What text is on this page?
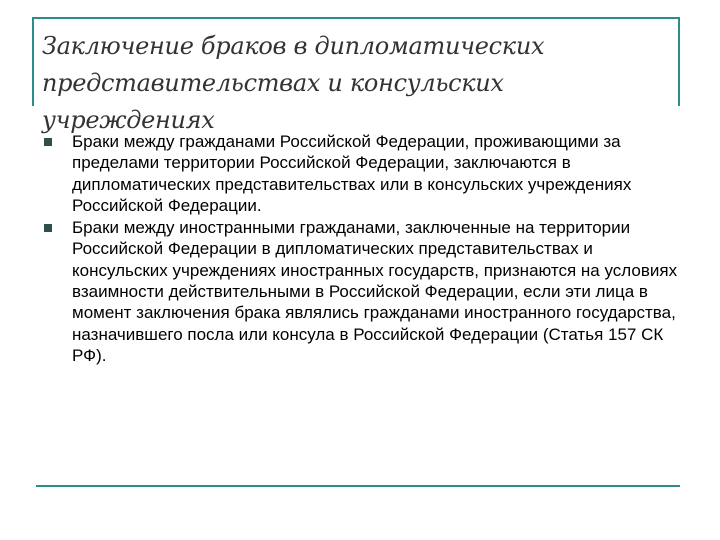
Заключение браков в дипломатических представительствах и консульских учреждениях
Браки между гражданами Российской Федерации, проживающими за пределами территории Российской Федерации, заключаются в дипломатических представительствах или в консульских учреждениях Российской Федерации.
Браки между иностранными гражданами, заключенные на территории Российской Федерации в дипломатических представительствах и консульских учреждениях иностранных государств, признаются на условиях взаимности действительными в Российской Федерации, если эти лица в момент заключения брака являлись гражданами иностранного государства, назначившего посла или консула в Российской Федерации (Статья 157 СК РФ).
